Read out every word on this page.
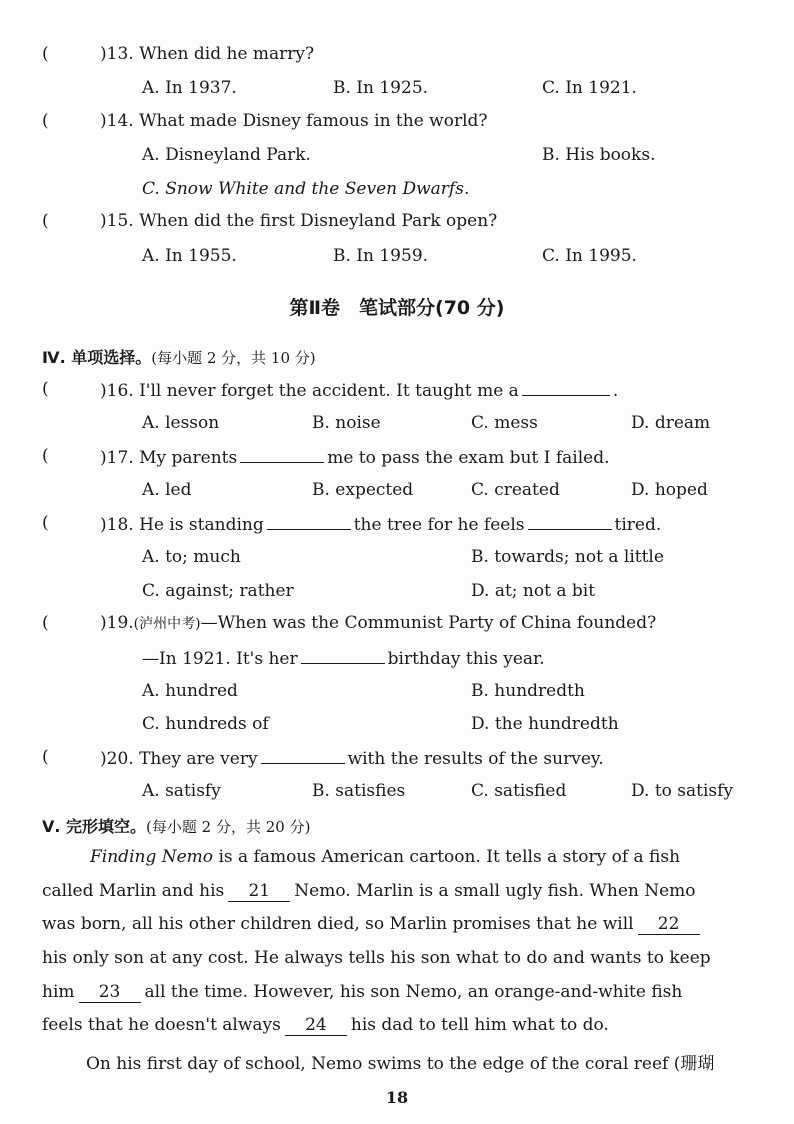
(	)13. When did he marry?
A. In 1937.	B. In 1925.	C. In 1921.
(	)14. What made Disney famous in the world?
A. Disneyland Park.	B. His books.
C. Snow White and the Seven Dwarfs.
(	)15. When did the first Disneyland Park open?
A. In 1955.	B. In 1959.	C. In 1995.
第Ⅱ卷　笔试部分(70 分)
Ⅳ. 单项选择。(每小题 2 分，共 10 分)
(	)16. I'll never forget the accident. It taught me a	.
A. lesson	B. noise	C. mess	D. dream
(	)17. My parents	me to pass the exam but I failed.
A. led	B. expected	C. created	D. hoped
(	)18. He is standing	the tree for he feels	tired.
A. to; much	B. towards; not a little
C. against; rather	D. at; not a bit
(	)19.(泸州中考)—When was the Communist Party of China founded?
—In 1921. It's her	birthday this year.
A. hundred	B. hundredth
C. hundreds of	D. the hundredth
(	)20. They are very	with the results of the survey.
A. satisfy	B. satisfies	C. satisfied	D. to satisfy
Ⅴ. 完形填空。(每小题 2 分，共 20 分)
Finding Nemo is a famous American cartoon. It tells a story of a fish
called Marlin and his 21 Nemo. Marlin is a small ugly fish. When Nemo
was born, all his other children died, so Marlin promises that he will 22
his only son at any cost. He always tells his son what to do and wants to keep
him 23 all the time. However, his son Nemo, an orange-and-white fish
feels that he doesn't always 24 his dad to tell him what to do.
On his first day of school, Nemo swims to the edge of the coral reef (珊瑚
18
